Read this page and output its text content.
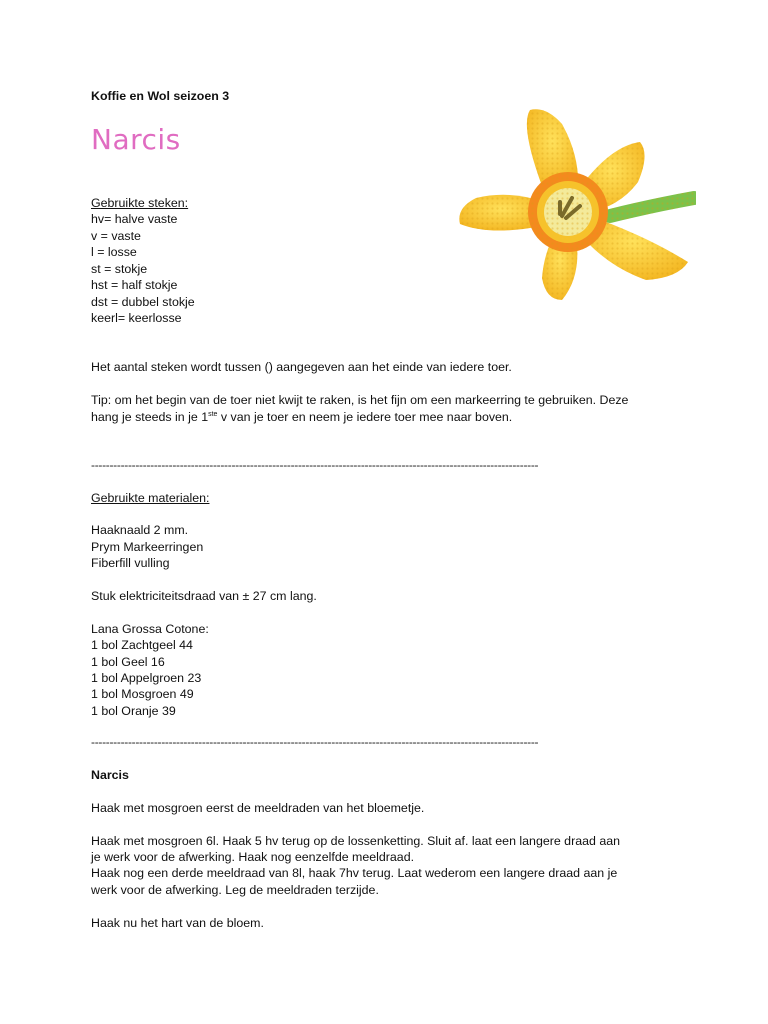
Koffie en Wol seizoen 3
Narcis
Gebruikte steken:
hv= halve vaste
v = vaste
l = losse
st = stokje
hst = half stokje
dst = dubbel stokje
keerl= keerlosse
Het aantal steken wordt tussen () aangegeven aan het einde van iedere toer.
Tip: om het begin van de toer niet kwijt te raken, is het fijn om een markeerring te gebruiken. Deze
hang je steeds in je 1ste v van je toer en neem je iedere toer mee naar boven.
-------------------------------------------------------------------------------------------------------------------------
Gebruikte materialen:
Haaknaald 2 mm.
Prym Markeerringen
Fiberfill vulling
Stuk elektriciteitsdraad van ± 27 cm lang.
Lana Grossa Cotone:
1 bol Zachtgeel 44
1 bol Geel 16
1 bol Appelgroen 23
1 bol Mosgroen 49
1 bol Oranje 39
-------------------------------------------------------------------------------------------------------------------------
Narcis
Haak met mosgroen eerst de meeldraden van het bloemetje.
Haak met mosgroen 6l. Haak 5 hv terug op de lossenketting. Sluit af. laat een langere draad aan
je werk voor de afwerking. Haak nog eenzelfde meeldraad.
Haak nog een derde meeldraad van 8l, haak 7hv terug. Laat wederom een langere draad aan je
werk voor de afwerking. Leg de meeldraden terzijde.
Haak nu het hart van de bloem.
